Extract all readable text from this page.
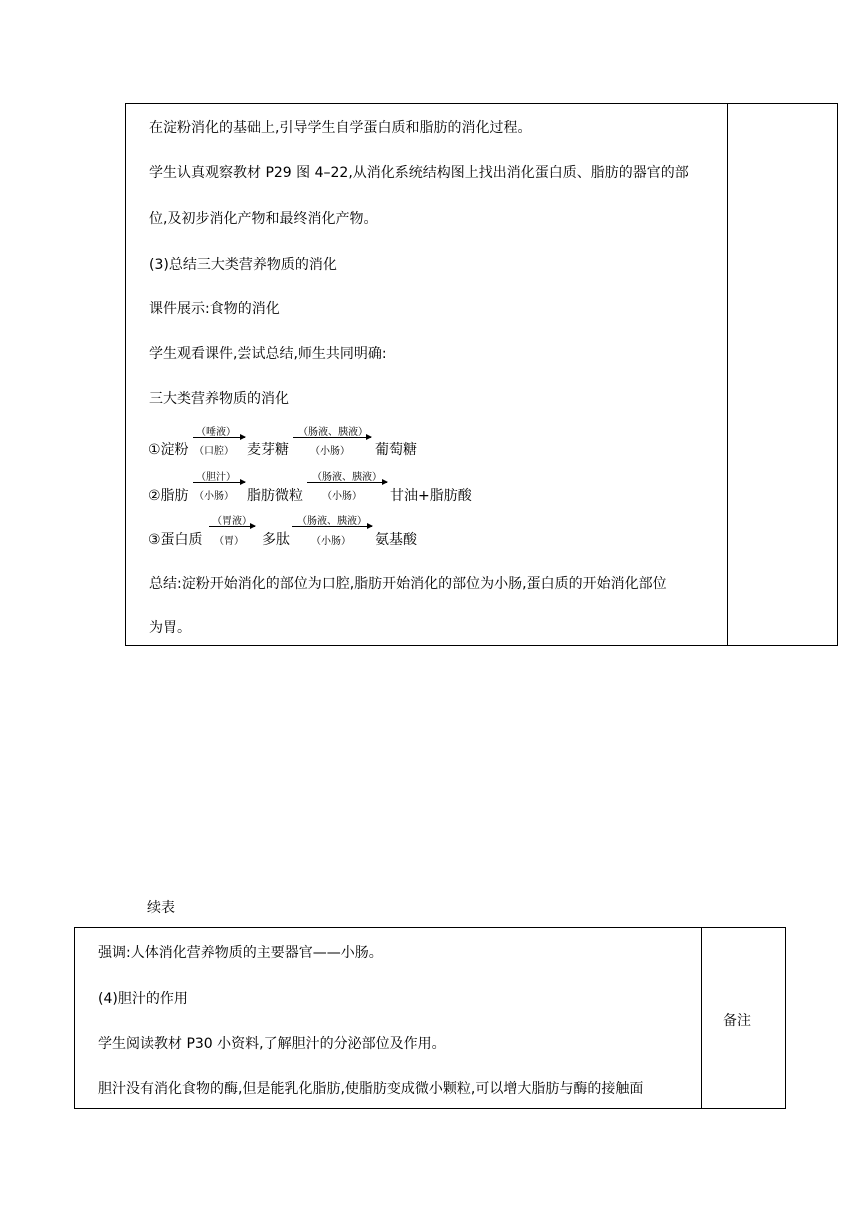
在淀粉消化的基础上,引导学生自学蛋白质和脂肪的消化过程。
学生认真观察教材 P29 图 4–22,从消化系统结构图上找出消化蛋白质、脂肪的器官的部
位,及初步消化产物和最终消化产物。
(3)总结三大类营养物质的消化
课件展示:食物的消化
学生观看课件,尝试总结,师生共同明确:
三大类营养物质的消化
①淀粉
（唾液）
（口腔） 麦芽糖
（肠液、胰液）
（小肠） 葡萄糖
②脂肪
（胆汁）
（小肠） 脂肪微粒
（肠液、胰液）
（小肠） 甘油+脂肪酸
③蛋白质
（胃液）
（胃） 多肽
（肠液、胰液）
（小肠） 氨基酸
总结:淀粉开始消化的部位为口腔,脂肪开始消化的部位为小肠,蛋白质的开始消化部位
为胃。
续表
强调:人体消化营养物质的主要器官——小肠。
(4)胆汁的作用
学生阅读教材 P30 小资料,了解胆汁的分泌部位及作用。
胆汁没有消化食物的酶,但是能乳化脂肪,使脂肪变成微小颗粒,可以增大脂肪与酶的接触面
备注
